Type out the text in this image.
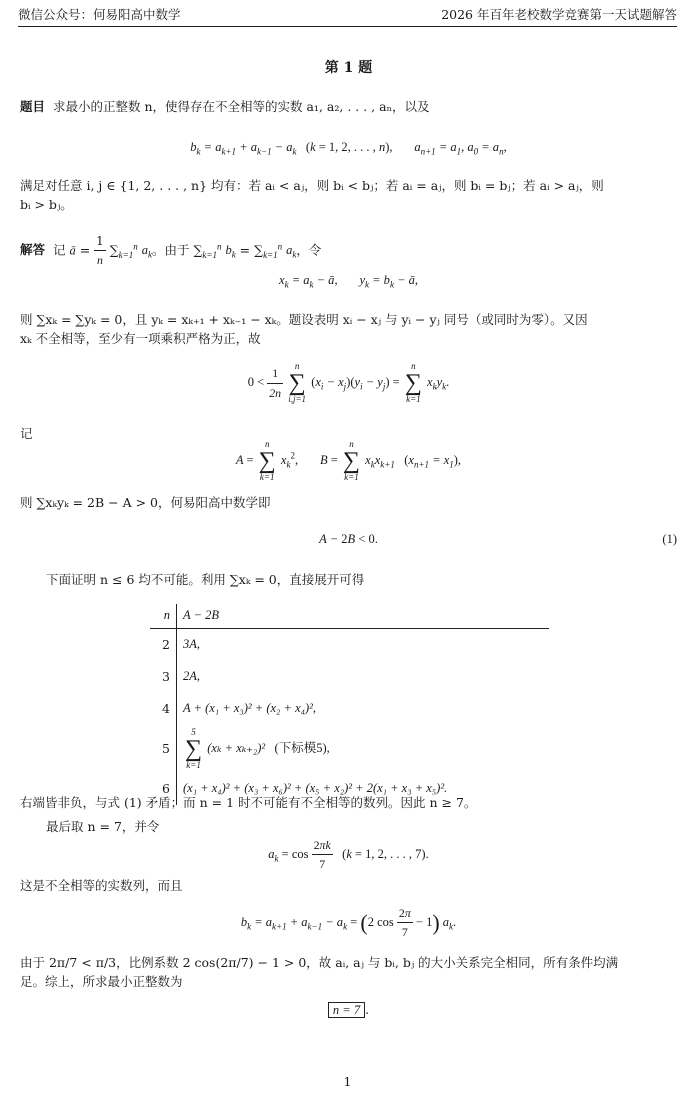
微信公众号：何易阳高中数学	2026 年百年老校数学竞赛第一天试题解答
第 1 题
题目 求最小的正整数 n，使得存在不全相等的实数 a₁, a₂, . . . , aₙ，以及
$b_k = a_{k+1} + a_{k-1} - a_k$ (k = 1, 2, . . . , n),       $a_{n+1} = a_1$, $a_0 = a_n$,
满足对任意 i, j ∈ {1, 2, . . . , n} 均有：若 aᵢ < aⱼ，则 bᵢ < bⱼ；若 aᵢ = aⱼ，则 bᵢ = bⱼ；若 aᵢ > aⱼ，则
bᵢ > bⱼ。
解答 记 ā = $\frac{1}{n} \sum_{k=1}^n$ $a_k$。由于 $\sum_{k=1}^n$ $b_k = \sum_{k=1}^n$ $a_k$，令
$x_k = a_k$ − ā,       $y_k = b_k$ − ā,
则 ∑xₖ = ∑yₖ = 0，且 yₖ = xₖ₊₁ + xₖ₋₁ − xₖ。题设表明 xᵢ − xⱼ 与 yᵢ − yⱼ 同号（或同时为零）。又因
xₖ 不全相等，至少有一项乘积严格为正，故
$0 < \frac{1}{2n}$
n
∑
i,j=1
$(x_i - x_j)(y_i - y_j)$ =
n
∑
k=1
$x_ky_k$.
记
A =
n
∑
k=1
$x_k^2$,       B =
n
∑
k=1
$x_kx_{k+1}$ $(x_{n+1} = x_1)$,
则 ∑xₖyₖ = 2B − A > 0，何易阳高中数学即
A − 2B < 0.	(1)
下面证明 n ≤ 6 均不可能。利用 ∑xₖ = 0，直接展开可得
n	A − 2B
2	3A,
3	2A,
4	A + (x₁ + x₃)² + (x₂ + x₄)²,
5	5
∑
k=1
(xₖ + xₖ₊₂)² (下标模5),
6	(x₁ + x₄)² + (x₃ + x₆)² + (x₅ + x₂)² + 2(x₁ + x₃ + x₅)².
右端皆非负，与式 (1) 矛盾；而 n = 1 时不可能有不全相等的数列。因此 n ≥ 7。
最后取 n = 7，并令
$a_k = \cos \frac{2\pi k}{7} (k = 1$, 2, . . . , 7).
这是不全相等的实数列，而且
$b_k = a_{k+1} + a_{k-1} - a_k = (2$ $\cos \frac{2\pi}{7} - 1$) $a_k$.
由于 2π/7 < π/3，比例系数 2 cos(2π/7) − 1 > 0，故 aᵢ, aⱼ 与 bᵢ, bⱼ 的大小关系完全相同，所有条件均满
足。综上，所求最小正整数为
n = 7 .
1
